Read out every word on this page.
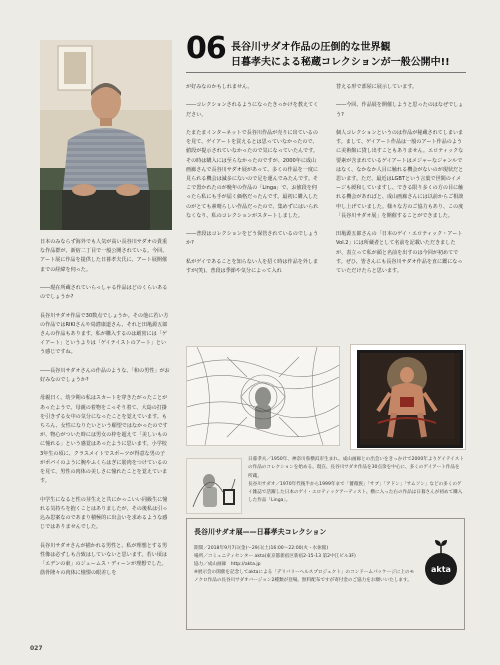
06 長谷川サダオ作品の圧倒的な世界観
日暮孝夫による秘蔵コレクションが一般公開中!!

日本のみならず海外でも人気が高い長谷川サダオの貴重な作品群が、新宿二丁目で一般公開されている。今回、アート展に作品を提供した日暮孝夫氏に、アート展開催までの経緯を伺った。

――現在所蔵されていらっしゃる作品はどのくらいあるのでしょうか?

長谷川サダオ作品で30数点でしょうか。その他に若い方の作品ではRIKIさんや鳥潜康道さん、それと田亀源五郎さんの作品もあります。私が購入するのは厳密には「ゲイアート」というよりは「ゲイテイストのアート」という感じですね。

――長谷川サダオさんの作品のような、「和の男性」がお好みなのでしょうか?

母親曰く、幼少期の私はスカートを穿きたがったことがあったようで、母親の着物をこっそり着て、大島の打掛を引きずる女中の気分になったことを覚えています。もちろん、女性になりたいという願望ではなかったのですが、物心がついた時には男女の枠を超えて「美しいものに憧れる」という感覚はあったように思います。小学校3年生の頃に、クラスメイトでスポーツが得意な男の子がポパイのように腕やふくらはぎに筋肉をつけているのを見て、男性の肉体の美しさに憧れたことを覚えています。

中学生になると性の芽生えと共にかっこいい同級生に憧れる気持ちを抱くことはありましたが、その後私は引っ込み思案なのであまり積極的に出会いを求めるような感じではありませんでした。

長谷川サダオさんが描かれる男性と、私が理想とする男性像は必ずしも合致はしていないと思います。若い頃は「エデンの東」のジェームス・ディーンが理想でした。筋骨隆々の肉体に憧憬の眼差しを

が好みなのかもしれません。

――コレクションされるようになったきっかけを教えてください。

たまたまインターネットで長谷川作品が売りに出ているのを見て、ゲイアートを買えるとは思っていなかったので、値段が提示されていなかったので気になっていたんです。その時は購入には至らなかったのですが、2000年に成山画廊さんで長谷川サダオ展があって、多くの作品を一度に見られる機会は滅多にないので足を運んでみたんです。そこで置かれたのが晩年の作品の「Linga」で、お値段を伺ったら私にも手が届く価格だったんです。最初に購入したのがとても素晴らしい作品だったので、集めずにはいられなくなり、私のコレクションがスタートしました。

――普段はコレクションをどう保管されているのでしょうか?

私がゲイであることを知らない人を招く時は作品を外しますが(笑)、普段は季節や気分によって入れ

替える形で部屋に展示しています。

――今回、作品展を開催しようと思ったのはなぜでしょう?

個人コレクションというのは作品が秘蔵されてしまいます。まして、ゲイアート作品は一般のアート作品のように美術館に貸し出すこともありません。エロティックな要素が含まれているゲイアートはメジャーなジャンルではなく、なかなか人目に触れる機会がないのが現状だと思います。ただ、最近はLGBTという言葉で世間のイメージも緩和していますし、できる限り多くの方の目に触れる機会があればと、成山画廊さんには以前からご相談申し上げていました。様々な方のご協力もあり、この度「長谷川サダオ展」を開催することができました。

田亀源五郎さんの「日本のゲイ・エロティック・アート Vol.2」には所蔵者として名前を記載いただきましたが、表立って私が顔と名前を出すのは今回が初めてです。ぜひ、皆さんにも長谷川サダオ作品を直に鑑になっていただけたらと思います。

日暮孝夫／1950年、神奈川県横浜市生まれ。成山画廊との出会いをきっかけで2000年よりゲイテイストの作品のコレクションを始める。現在、長谷川サダオ作品を30点余を中心に、多くのゲイアート作品を所蔵。

長谷川サダオ／1970年代後半から1999年まで「薔薇族」「サブ」「アドン」「サムソン」などの多くのゲイ雑誌で活躍した日本のゲイ・エロティックアーティスト。横に入った右の作品は日暮さんが初めて購入した作品「Linga」。

長谷川サダオ展——日暮孝夫コレクション

期間／2018年9月7日(金)～29日(土)16:00～22:00(火・水休館)

場所／コミュニティセンター akta(東京都新宿区新宿2-15-13 第2中江ビル3F)

協力／成山画廊　http://akta.jp

※展示会の開催を記念してaktaによる「デリバリーヘルスプロジェクト」のコンドームパッケージに上のモノクロ作品の長谷川サダオバージョン2種類が登場。無料配布ですが寄付金のご協力をお願いいたします。

akta
027
